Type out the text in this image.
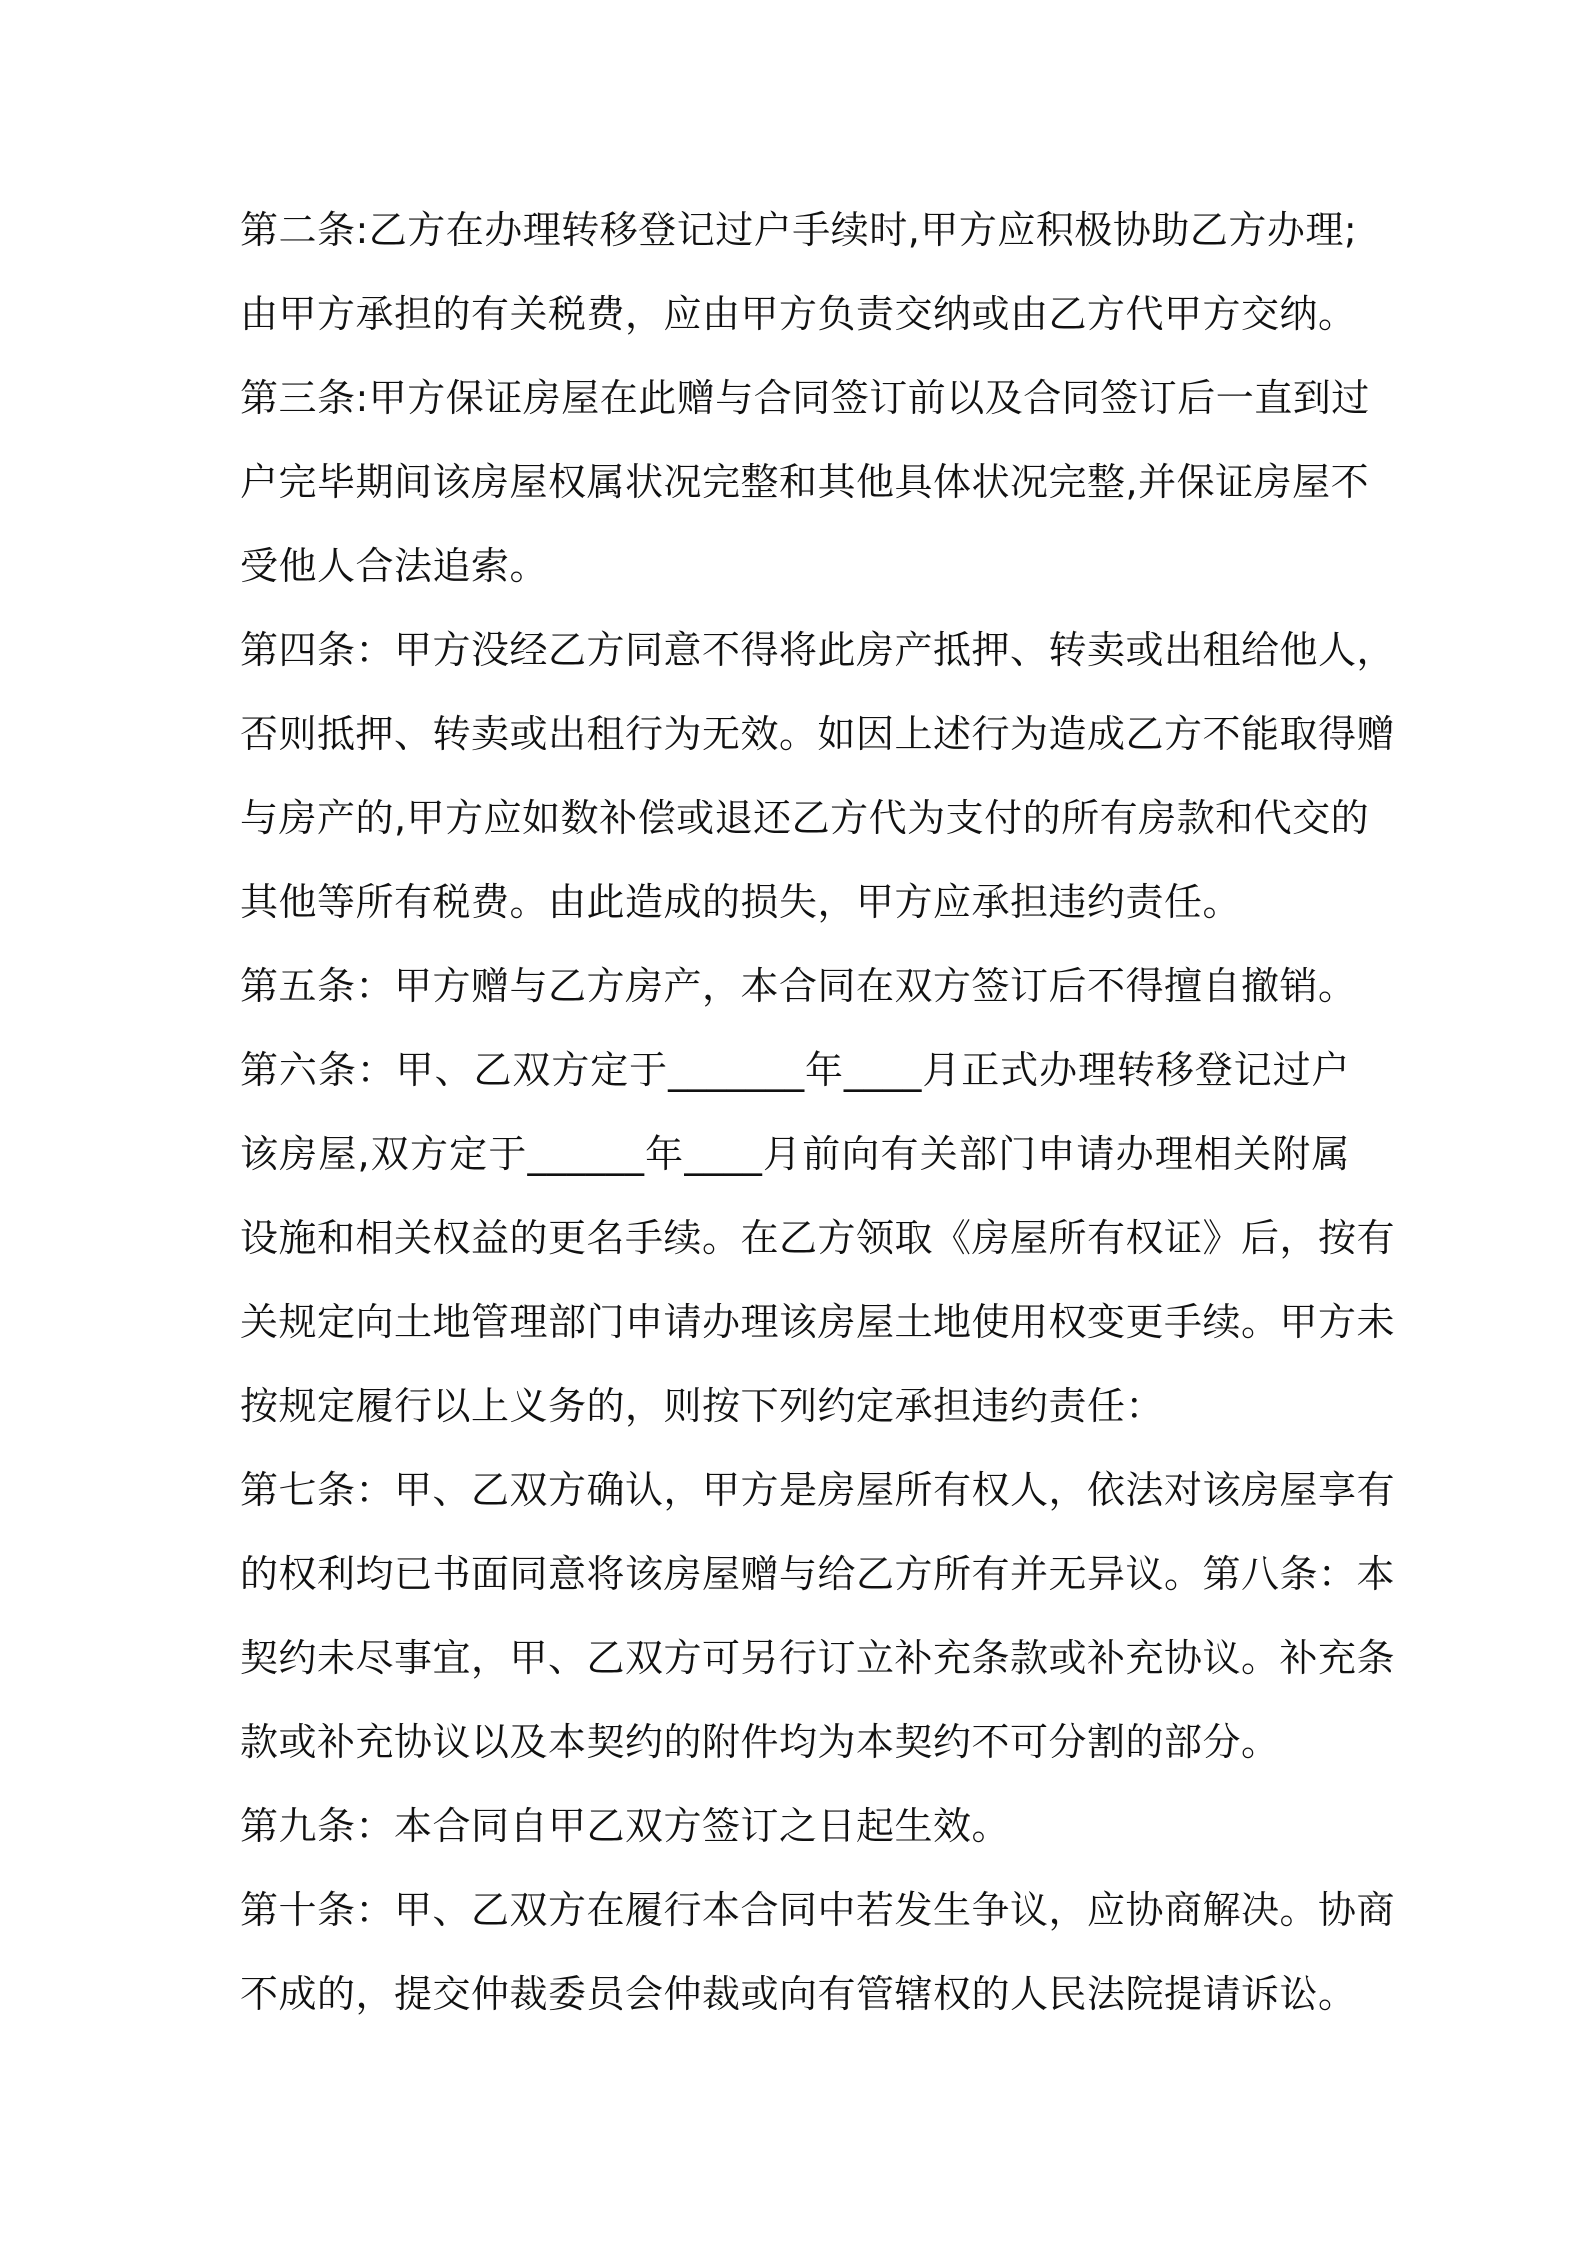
第二条:乙方在办理转移登记过户手续时,甲方应积极协助乙方办理;
由甲方承担的有关税费，应由甲方负责交纳或由乙方代甲方交纳。
第三条:甲方保证房屋在此赠与合同签订前以及合同签订后一直到过
户完毕期间该房屋权属状况完整和其他具体状况完整,并保证房屋不
受他人合法追索。
第四条：甲方没经乙方同意不得将此房产抵押、转卖或出租给他人，
否则抵押、转卖或出租行为无效。如因上述行为造成乙方不能取得赠
与房产的,甲方应如数补偿或退还乙方代为支付的所有房款和代交的
其他等所有税费。由此造成的损失，甲方应承担违约责任。
第五条：甲方赠与乙方房产，本合同在双方签订后不得擅自撤销。
第六条：甲、乙双方定于_______年____月正式办理转移登记过户
该房屋,双方定于______年____月前向有关部门申请办理相关附属
设施和相关权益的更名手续。在乙方领取《房屋所有权证》后，按有
关规定向土地管理部门申请办理该房屋土地使用权变更手续。甲方未
按规定履行以上义务的，则按下列约定承担违约责任：
第七条：甲、乙双方确认，甲方是房屋所有权人，依法对该房屋享有
的权利均已书面同意将该房屋赠与给乙方所有并无异议。第八条：本
契约未尽事宜，甲、乙双方可另行订立补充条款或补充协议。补充条
款或补充协议以及本契约的附件均为本契约不可分割的部分。
第九条：本合同自甲乙双方签订之日起生效。
第十条：甲、乙双方在履行本合同中若发生争议，应协商解决。协商
不成的，提交仲裁委员会仲裁或向有管辖权的人民法院提请诉讼。
